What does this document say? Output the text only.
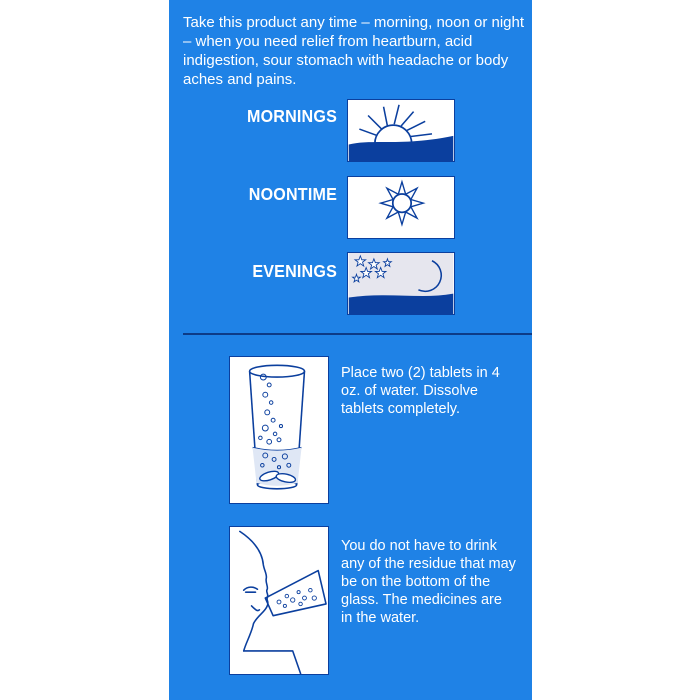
Take this product any time – morning, noon or night – when you need relief from heartburn, acid indigestion, sour stomach with headache or body aches and pains.

MORNINGS
NOONTIME
EVENINGS

Place two (2) tablets in 4 oz. of water. Dissolve tablets completely.

You do not have to drink any of the residue that may be on the bottom of the glass. The medicines are in the water.
